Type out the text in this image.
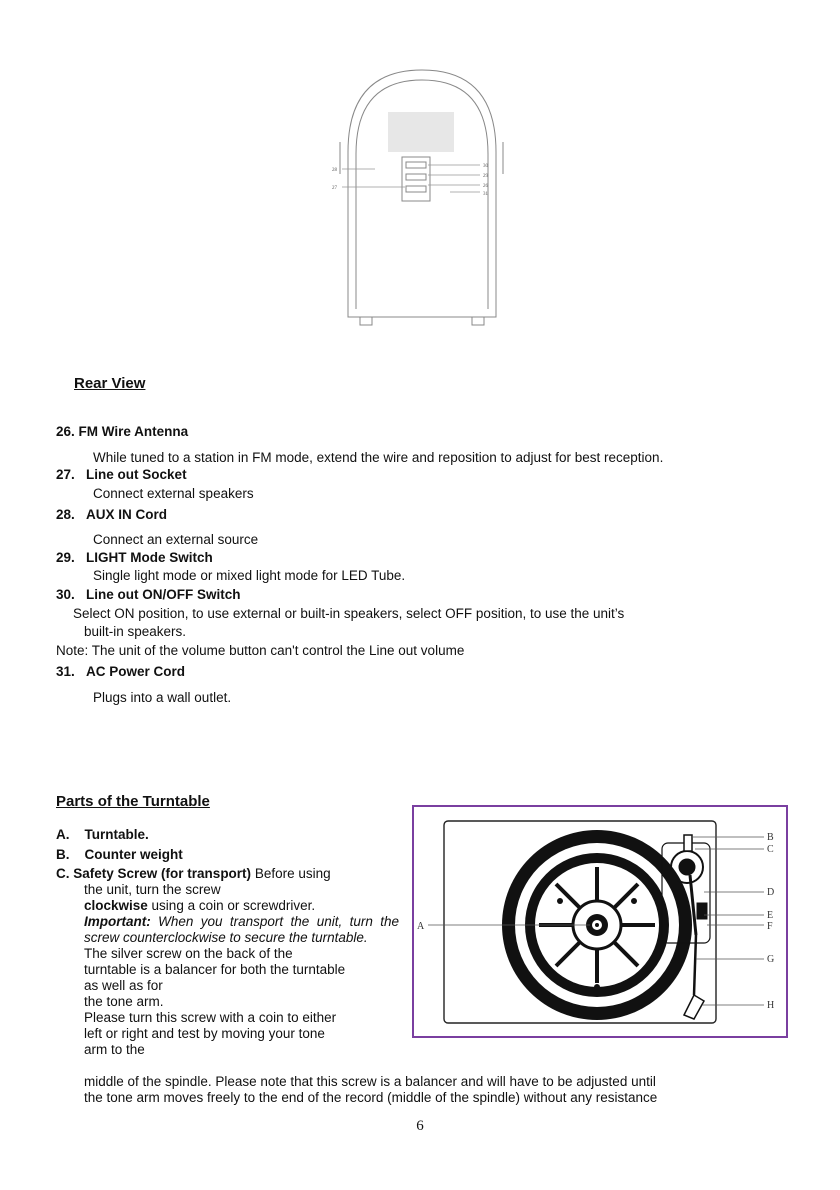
28
27
30
29
26
31
Rear View
26. FM Wire Antenna
While tuned to a station in FM mode, extend the wire and reposition to adjust for best reception.
27. Line out Socket
Connect external speakers
28. AUX IN Cord
Connect an external source
29. LIGHT Mode Switch
Single light mode or mixed light mode for LED Tube.
30. Line out ON/OFF Switch
Select ON position, to use external or built-in speakers, select OFF position, to use the unit’s
built-in speakers.
Note: The unit of the volume button can't control the Line out volume
31. AC Power Cord
Plugs into a wall outlet.
Parts of the Turntable
A. Turntable.
B. Counter weight
C. Safety Screw (for transport) Before using
the unit, turn the screw
clockwise using a coin or screwdriver.
Important: When you transport the unit, turn the screw counterclockwise to secure the turntable.
The silver screw on the back of the
turntable is a balancer for both the turntable
as well as for
the tone arm.
Please turn this screw with a coin to either
left or right and test by moving your tone
arm to the
middle of the spindle. Please note that this screw is a balancer and will have to be adjusted until
the tone arm moves freely to the end of the record (middle of the spindle) without any resistance
A
B
C
D
E
F
G
H
6
